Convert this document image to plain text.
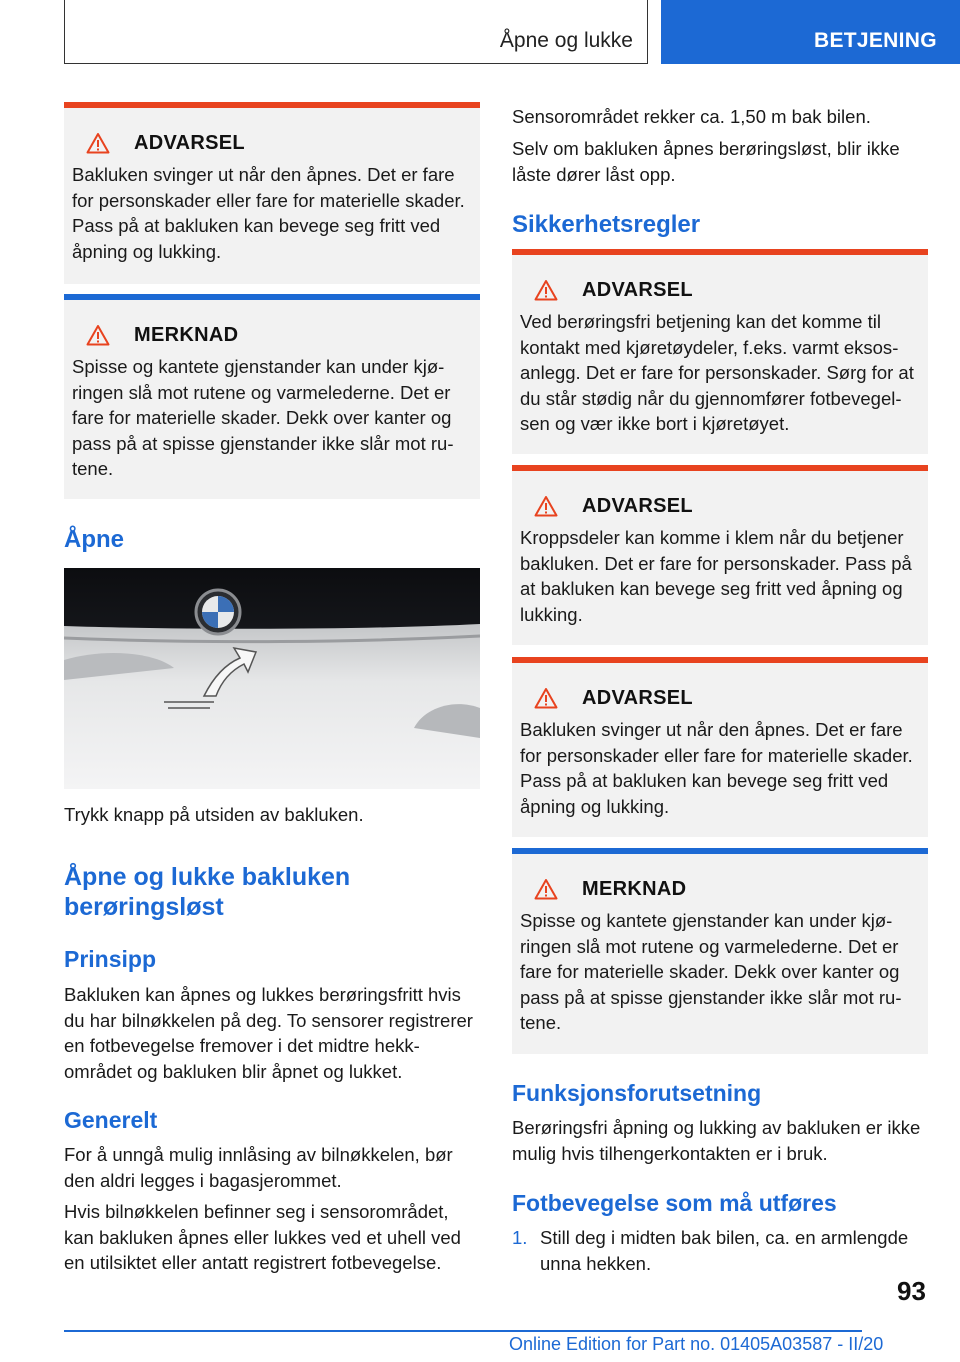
Åpne og lukke	BETJENING
ADVARSEL

Bakluken svinger ut når den åpnes. Det er fare for personskader eller fare for materielle skader. Pass på at bakluken kan bevege seg fritt ved åpning og lukking.

MERKNAD

Spisse og kantete gjenstander kan under kjøringen slå mot rutene og varmelederne. Det er fare for materielle skader. Dekk over kanter og pass på at spisse gjenstander ikke slår mot rutene.

Åpne

Trykk knapp på utsiden av bakluken.

Åpne og lukke bakluken berøringsløst
Prinsipp

Bakluken kan åpnes og lukkes berøringsfritt hvis du har bilnøkkelen på deg. To sensorer registrerer en fotbevegelse fremover i det midtre hekkområdet og bakluken blir åpnet og lukket.

Generelt

For å unngå mulig innlåsing av bilnøkkelen, bør den aldri legges i bagasjerommet.

Hvis bilnøkkelen befinner seg i sensorområdet, kan bakluken åpnes eller lukkes ved et uhell ved en utilsiktet eller antatt registrert fotbevegelse.

Sensorområdet rekker ca. 1,50 m bak bilen.

Selv om bakluken åpnes berøringsløst, blir ikke låste dører låst opp.

Sikkerhetsregler
ADVARSEL

Ved berøringsfri betjening kan det komme til kontakt med kjøretøydeler, f.eks. varmt eksosanlegg. Det er fare for personskader. Sørg for at du står stødig når du gjennomfører fotbevegelsen og vær ikke bort i kjøretøyet.

ADVARSEL

Kroppsdeler kan komme i klem når du betjener bakluken. Det er fare for personskader. Pass på at bakluken kan bevege seg fritt ved åpning og lukking.

ADVARSEL

Bakluken svinger ut når den åpnes. Det er fare for personskader eller fare for materielle skader. Pass på at bakluken kan bevege seg fritt ved åpning og lukking.

MERKNAD

Spisse og kantete gjenstander kan under kjøringen slå mot rutene og varmelederne. Det er fare for materielle skader. Dekk over kanter og pass på at spisse gjenstander ikke slår mot rutene.

Funksjonsforutsetning

Berøringsfri åpning og lukking av bakluken er ikke mulig hvis tilhengerkontakten er i bruk.

Fotbevegelse som må utføres
1. Still deg i midten bak bilen, ca. en armlengde unna hekken.
93
Online Edition for Part no. 01405A03587 - II/20
